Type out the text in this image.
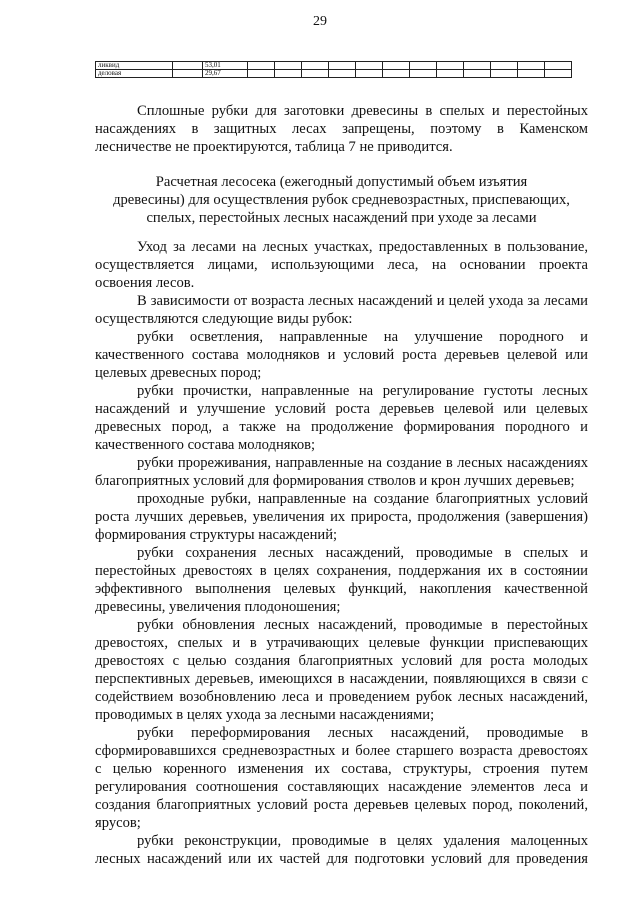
29
ликвид		53,01												
деловая		29,67												

Сплошные рубки для заготовки древесины в спелых и перестойных

насаждениях в защитных лесах запрещены, поэтому в Каменском

лесничестве не проектируются, таблица 7 не приводится.

Расчетная лесосека (ежегодный допустимый объем изъятия

древесины) для осуществления рубок средневозрастных, приспевающих,

спелых, перестойных лесных насаждений при уходе за лесами

Уход за лесами на лесных участках, предоставленных в пользование,

осуществляется лицами, использующими леса, на основании проекта

освоения лесов.

В зависимости от возраста лесных насаждений и целей ухода за лесами

осуществляются следующие виды рубок:

рубки осветления, направленные на улучшение породного и

качественного состава молодняков и условий роста деревьев целевой или

целевых древесных пород;

рубки прочистки, направленные на регулирование густоты лесных

насаждений и улучшение условий роста деревьев целевой или целевых

древесных пород, а также на продолжение формирования породного и

качественного состава молодняков;

рубки прореживания, направленные на создание в лесных насаждениях

благоприятных условий для формирования стволов и крон лучших деревьев;

проходные рубки, направленные на создание благоприятных условий

роста лучших деревьев, увеличения их прироста, продолжения (завершения)

формирования структуры насаждений;

рубки сохранения лесных насаждений, проводимые в спелых и

перестойных древостоях в целях сохранения, поддержания их в состоянии

эффективного выполнения целевых функций, накопления качественной

древесины, увеличения плодоношения;

рубки обновления лесных насаждений, проводимые в перестойных

древостоях, спелых и в утрачивающих целевые функции приспевающих

древостоях с целью создания благоприятных условий для роста молодых

перспективных деревьев, имеющихся в насаждении, появляющихся в связи с

содействием возобновлению леса и проведением рубок лесных насаждений,

проводимых в целях ухода за лесными насаждениями;

рубки переформирования лесных насаждений, проводимые в

сформировавшихся средневозрастных и более старшего возраста древостоях

с целью коренного изменения их состава, структуры, строения путем

регулирования соотношения составляющих насаждение элементов леса и

создания благоприятных условий роста деревьев целевых пород, поколений,

ярусов;

рубки реконструкции, проводимые в целях удаления малоценных

лесных насаждений или их частей для подготовки условий для проведения
